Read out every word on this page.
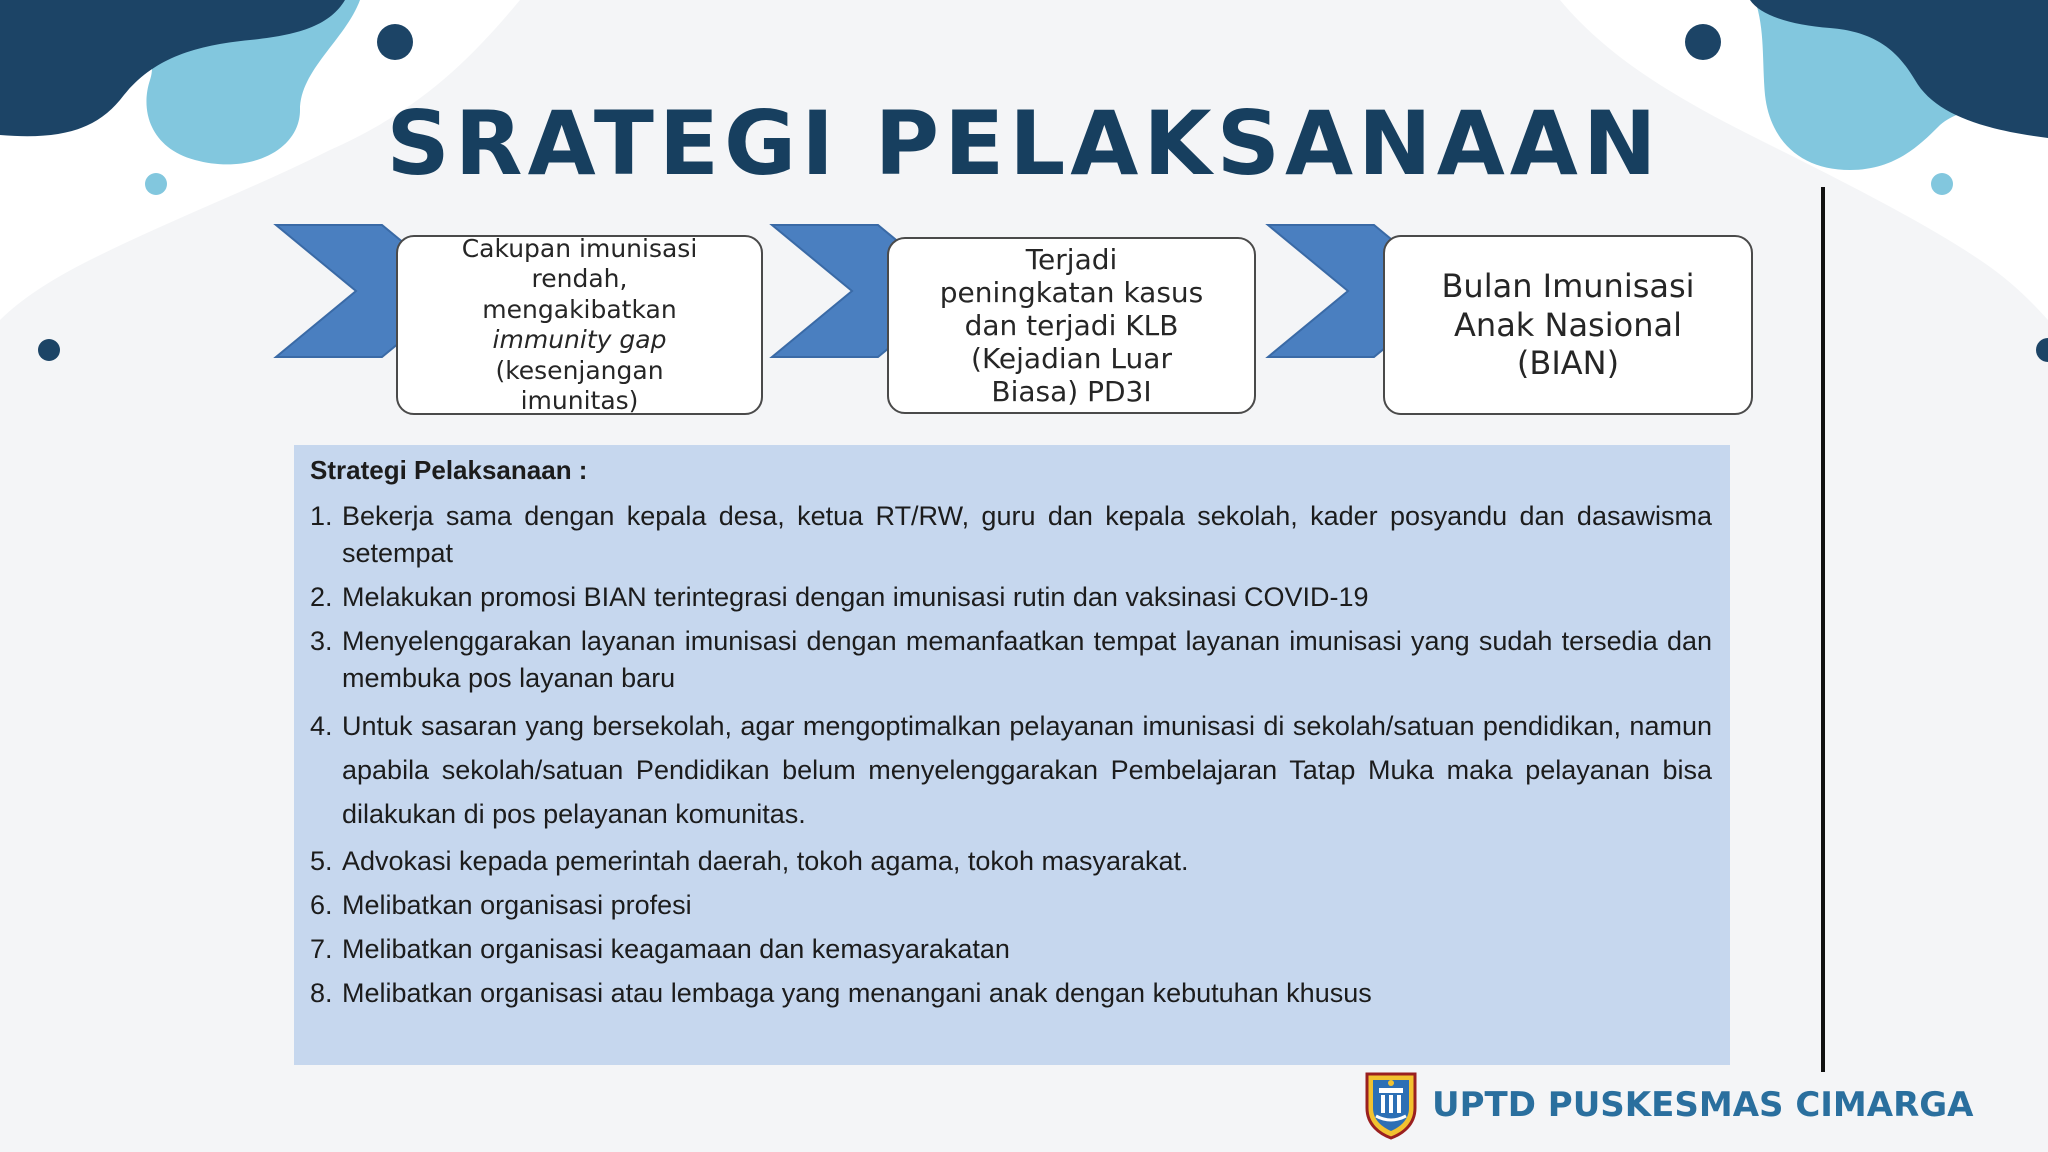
SRATEGI PELAKSANAAN
Cakupan imunisasi
rendah,
mengakibatkan
immunity gap
(kesenjangan
imunitas)
Terjadi
peningkatan kasus
dan terjadi KLB
(Kejadian Luar
Biasa) PD3I
Bulan Imunisasi
Anak Nasional
(BIAN)
Strategi Pelaksanaan :
1. Bekerja sama dengan kepala desa, ketua RT/RW, guru dan kepala sekolah, kader posyandu dan dasawisma setempat
2. Melakukan promosi BIAN terintegrasi dengan imunisasi rutin dan vaksinasi COVID-19
3. Menyelenggarakan layanan imunisasi dengan memanfaatkan tempat layanan imunisasi yang sudah tersedia dan membuka pos layanan baru
4. Untuk sasaran yang bersekolah, agar mengoptimalkan pelayanan imunisasi di sekolah/satuan pendidikan, namun apabila sekolah/satuan Pendidikan belum menyelenggarakan Pembelajaran Tatap Muka maka pelayanan bisa dilakukan di pos pelayanan komunitas.
5. Advokasi kepada pemerintah daerah, tokoh agama, tokoh masyarakat.
6. Melibatkan organisasi profesi
7. Melibatkan organisasi keagamaan dan kemasyarakatan
8. Melibatkan organisasi atau lembaga yang menangani anak dengan kebutuhan khusus
UPTD PUSKESMAS CIMARGA
